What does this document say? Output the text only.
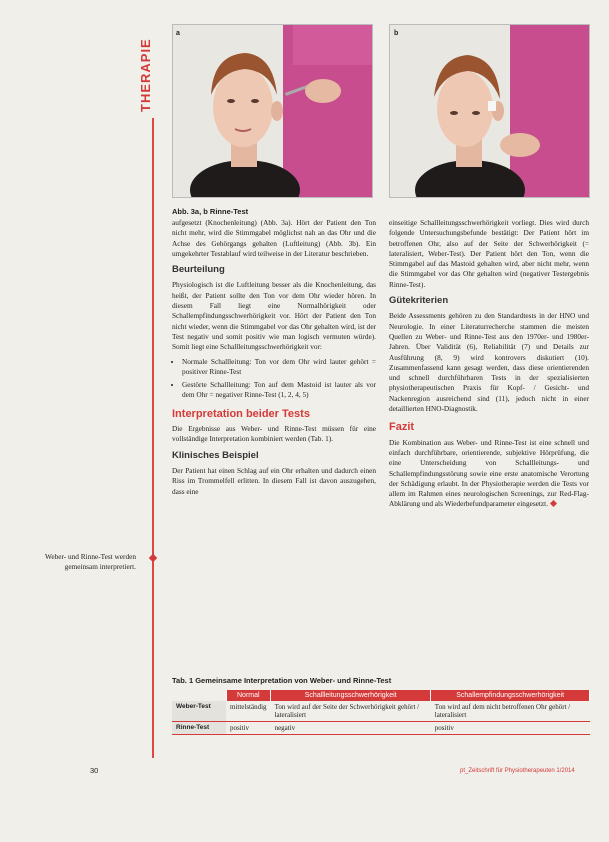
THERAPIE
a	b
Abb. 3a, b Rinne-Test

aufgesetzt (Knochenleitung) (Abb. 3a). Hört der Patient den Ton nicht mehr, wird die Stimmgabel möglichst nah an das Ohr und die Achse des Gehörgangs gehalten (Luftleitung) (Abb. 3b). Ein umgekehrter Testablauf wird teilweise in der Literatur beschrieben.

Beurteilung

Physiologisch ist die Luftleitung besser als die Knochenleitung, das heißt, der Patient sollte den Ton vor dem Ohr wieder hören. In diesem Fall liegt eine Normalhörigkeit oder Schallempfindungsschwerhörigkeit vor. Hört der Patient den Ton nicht wieder, wenn die Stimmgabel vor das Ohr gehalten wird, ist der Test negativ und somit positiv wie man logisch vermuten würde). Somit liegt eine Schallleitungsschwerhörigkeit vor:

• Normale Schallleitung: Ton vor dem Ohr wird lauter gehört = positiver Rinne-Test
• Gestörte Schallleitung: Ton auf dem Mastoid ist lauter als vor dem Ohr = negativer Rinne-Test (1, 2, 4, 5)
Interpretation beider Tests

Die Ergebnisse aus Weber- und Rinne-Test müssen für eine vollständige Interpretation kombiniert werden (Tab. 1).

Klinisches Beispiel

Der Patient hat einen Schlag auf ein Ohr erhalten und dadurch einen Riss im Trommelfell erlitten. In diesem Fall ist davon auszugehen, dass eine

einseitige Schallleitungsschwerhörigkeit vorliegt. Dies wird durch folgende Untersuchungsbefunde bestätigt: Der Patient hört im betroffenen Ohr, also auf der Seite der Schwerhörigkeit (= lateralisiert, Weber-Test). Der Patient hört den Ton, wenn die Stimmgabel auf das Mastoid gehalten wird, aber nicht mehr, wenn die Stimmgabel vor das Ohr gehalten wird (negativer Testergebnis Rinne-Test).

Gütekriterien

Beide Assessments gehören zu den Standardtests in der HNO und Neurologie. In einer Literaturrecherche stammen die meisten Quellen zu Weber- und Rinne-Test aus den 1970er- und 1980er-Jahren. Über Validität (6), Reliabilität (7) und Details zur Ausführung (8, 9) wird kontrovers diskutiert (10). Zusammenfassend kann gesagt werden, dass diese orientierenden und schnell durchführbaren Tests in der spezialisierten physiotherapeutischen Praxis für Kopf- / Gesicht- und Nackenregion ausreichend sind (11), jedoch nicht in einer detaillierten HNO-Diagnostik.

Fazit

Die Kombination aus Weber- und Rinne-Test ist eine schnell und einfach durchführbare, orientierende, subjektive Hörprüfung, die eine Unterscheidung von Schallleitungs- und Schallempfindungsstörung sowie eine erste anatomische Verortung der Schädigung erlaubt. In der Physiotherapie werden die Tests vor allem im Rahmen eines neurologischen Screenings, zur Red-Flag-Abklärung und als Wiederbefundparameter eingesetzt.

Weber- und Rinne-Test werden gemeinsam interpretiert.
Tab. 1 Gemeinsame Interpretation von Weber- und Rinne-Test
	Normal	Schallleitungsschwerhörigkeit	Schallempfindungsschwerhörigkeit
Weber-Test	mittelständig	Ton wird auf der Seite der Schwerhörigkeit gehört / lateralisiert	Ton wird auf dem nicht betroffenen Ohr gehört / lateralisiert
Rinne-Test	positiv	negativ	positiv
30	pt_Zeitschrift für Physiotherapeuten 1/2014
